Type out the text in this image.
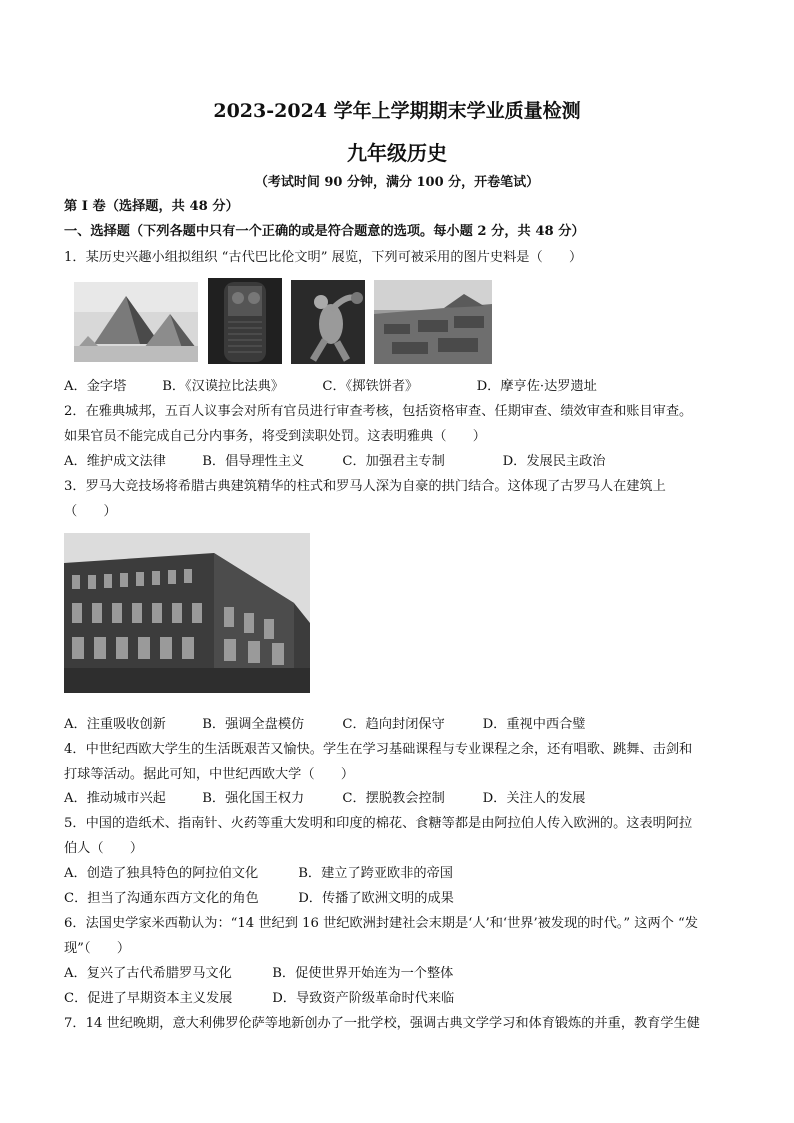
2023-2024 学年上学期期末学业质量检测
九年级历史
（考试时间 90 分钟，满分 100 分，开卷笔试）
第 I 卷（选择题，共 48 分）
一、选择题（下列各题中只有一个正确的或是符合题意的选项。每小题 2 分，共 48 分）
1．某历史兴趣小组拟组织 “古代巴比伦文明” 展览，下列可被采用的图片史料是（　　）
A．金字塔	B．《汉谟拉比法典》	C．《掷铁饼者》	D．摩亨佐·达罗遗址
2．在雅典城邦，五百人议事会对所有官员进行审查考核，包括资格审查、任期审查、绩效审查和账目审查。
如果官员不能完成自己分内事务，将受到渎职处罚。这表明雅典（　　）
A．维护成文法律	B．倡导理性主义	C．加强君主专制	D．发展民主政治
3．罗马大竞技场将希腊古典建筑精华的柱式和罗马人深为自豪的拱门结合。这体现了古罗马人在建筑上
（　　）
A．注重吸收创新	B．强调全盘模仿	C．趋向封闭保守	D．重视中西合璧
4．中世纪西欧大学生的生活既艰苦又愉快。学生在学习基础课程与专业课程之余，还有唱歌、跳舞、击剑和
打球等活动。据此可知，中世纪西欧大学（　　）
A．推动城市兴起	B．强化国王权力	C．摆脱教会控制	D．关注人的发展
5．中国的造纸术、指南针、火药等重大发明和印度的棉花、食糖等都是由阿拉伯人传入欧洲的。这表明阿拉
伯人（　　）
A．创造了独具特色的阿拉伯文化	B．建立了跨亚欧非的帝国
C．担当了沟通东西方文化的角色	D．传播了欧洲文明的成果
6．法国史学家米西勒认为：“14 世纪到 16 世纪欧洲封建社会末期是‘人’和‘世界’被发现的时代。” 这两个 “发
现”（　　）
A．复兴了古代希腊罗马文化	B．促使世界开始连为一个整体
C．促进了早期资本主义发展	D．导致资产阶级革命时代来临
7．14 世纪晚期，意大利佛罗伦萨等地新创办了一批学校，强调古典文学学习和体育锻炼的并重，教育学生健
